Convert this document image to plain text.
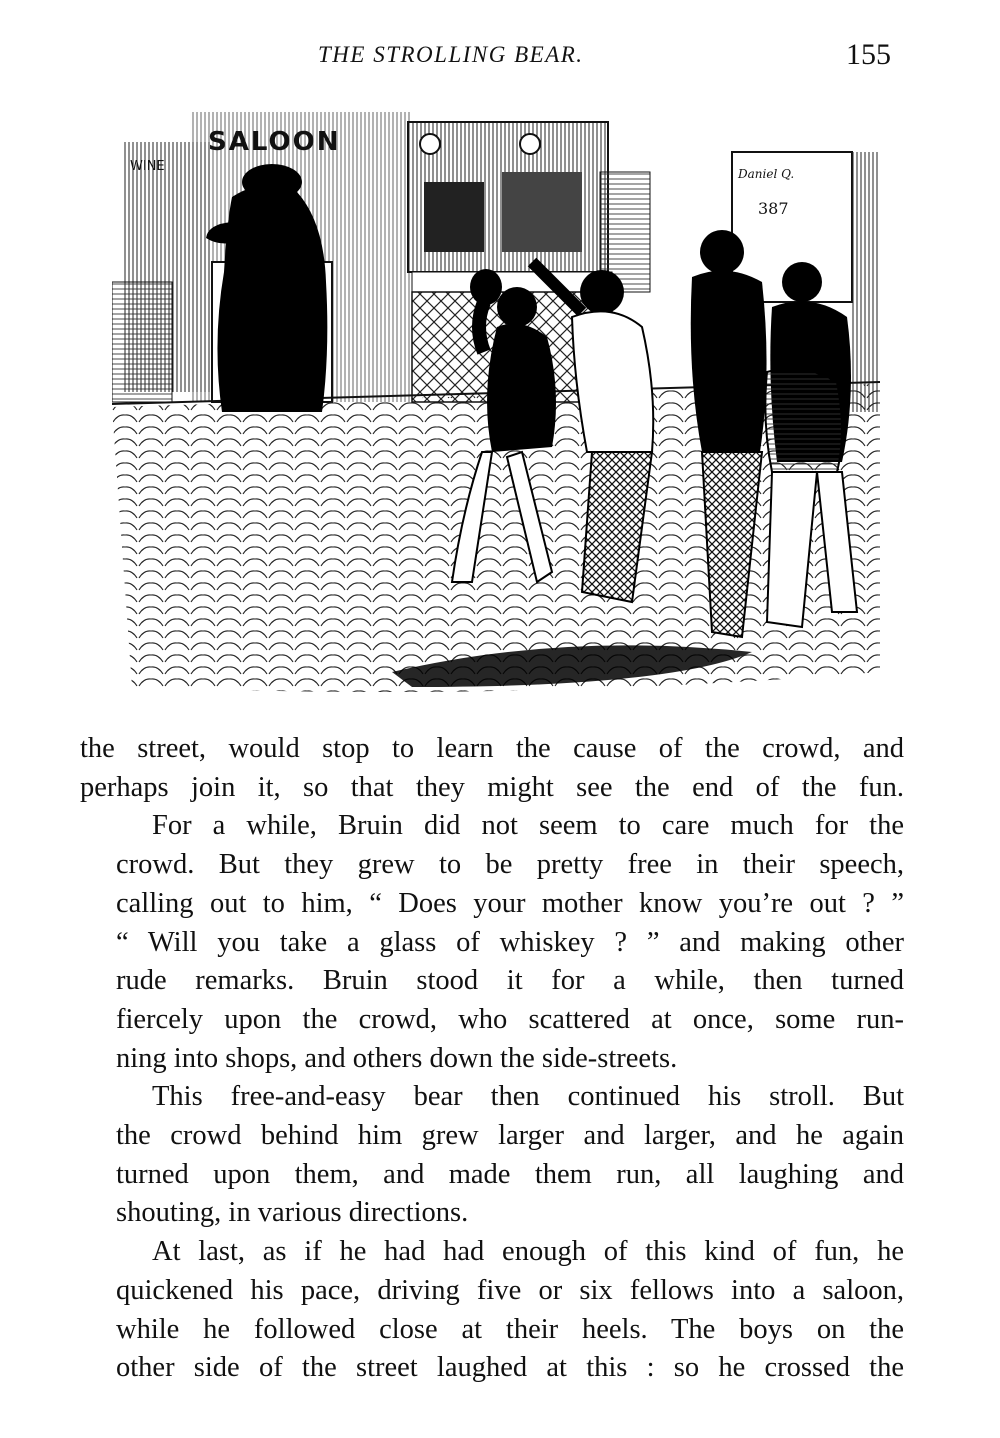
THE STROLLING BEAR.	155
SALOON
WINE	Daniel Q.
387

the street, would stop to learn the cause of the crowd, and
perhaps join it, so that they might see the end of the fun.

For a while, Bruin did not seem to care much for the
crowd. But they grew to be pretty free in their speech,
calling out to him, “ Does your mother know you’re out ? ”
“ Will you take a glass of whiskey ? ” and making other
rude remarks. Bruin stood it for a while, then turned
fiercely upon the crowd, who scattered at once, some run-
ning into shops, and others down the side-streets.

This free-and-easy bear then continued his stroll. But
the crowd behind him grew larger and larger, and he again
turned upon them, and made them run, all laughing and
shouting, in various directions.

At last, as if he had had enough of this kind of fun, he
quickened his pace, driving five or six fellows into a saloon,
while he followed close at their heels. The boys on the
other side of the street laughed at this : so he crossed the
